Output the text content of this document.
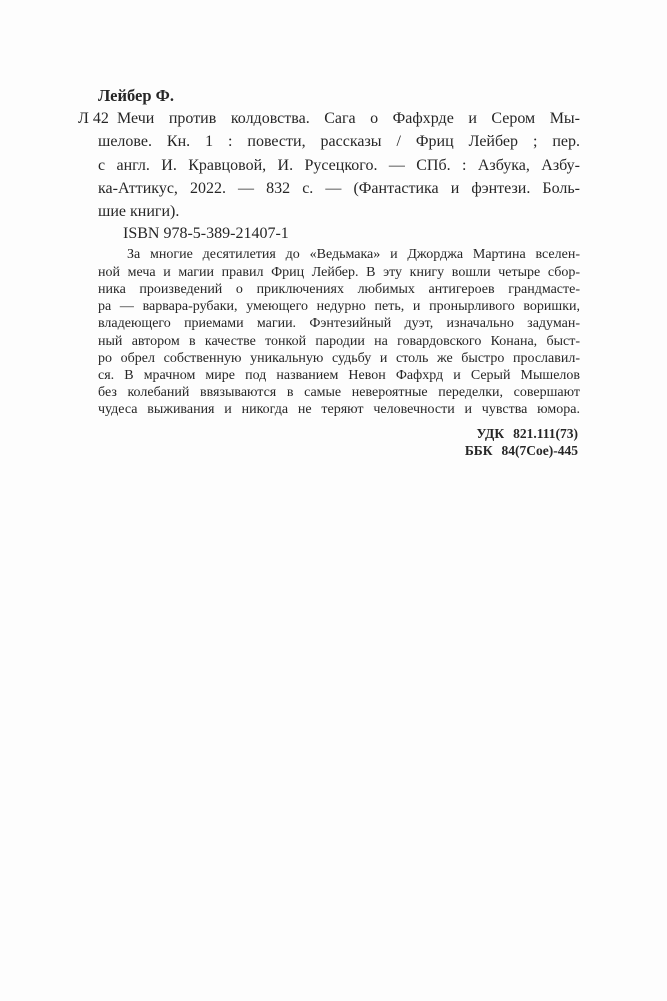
Лейбер Ф.
Л 42 Мечи против колдовства. Сага о Фафхрде и Сером Мы-
шелове. Кн. 1 : повести, рассказы / Фриц Лейбер ; пер.
с англ. И. Кравцовой, И. Русецкого. — СПб. : Азбука, Азбу-
ка-Аттикус, 2022. — 832 с. — (Фантастика и фэнтези. Боль-
шие книги).
ISBN 978-5-389-21407-1
За многие десятилетия до «Ведьмака» и Джорджа Мартина вселен-
ной меча и магии правил Фриц Лейбер. В эту книгу вошли четыре сбор-
ника произведений о приключениях любимых антигероев грандмасте-
ра — варвара-рубаки, умеющего недурно петь, и пронырливого воришки,
владеющего приемами магии. Фэнтезийный дуэт, изначально задуман-
ный автором в качестве тонкой пародии на говардовского Конана, быст-
ро обрел собственную уникальную судьбу и столь же быстро прославил-
ся. В мрачном мире под названием Невон Фафхрд и Серый Мышелов
без колебаний ввязываются в самые невероятные переделки, совершают
чудеса выживания и никогда не теряют человечности и чувства юмора.
УДК 821.111(73)
ББК 84(7Сое)-445
